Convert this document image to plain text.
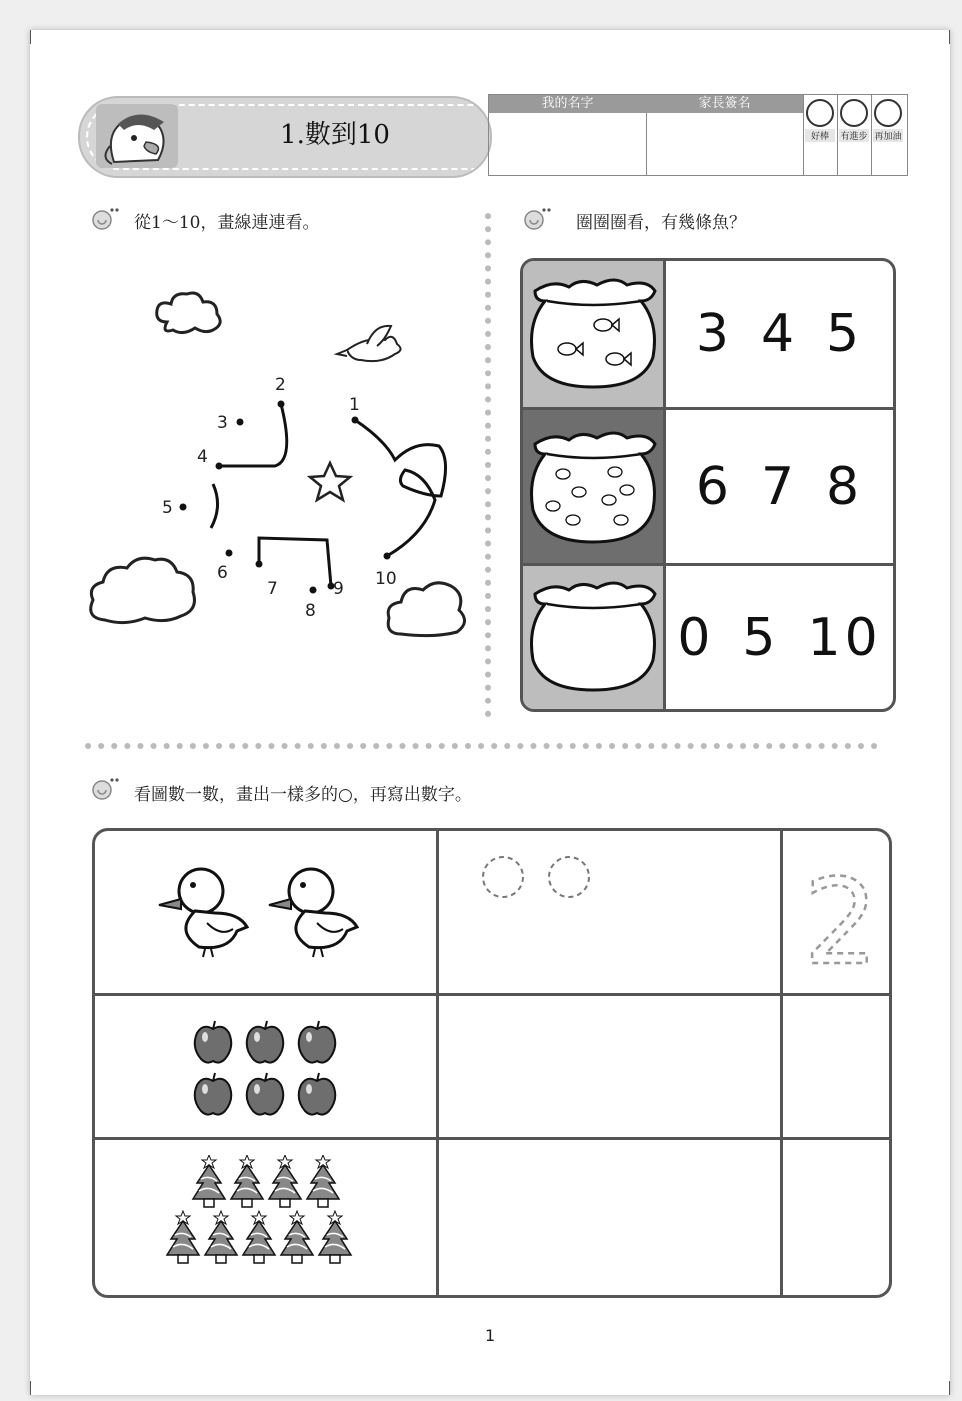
1.數到10
我的名字	家長簽名
好棒	有進步 再加油
從1～10，畫線連連看。
1
2
3
4
5
6
7
8
9 10
圈圈圈看，有幾條魚？
3 4 5
6 7 8
0 5 10
看圖數一數，畫出一樣多的○，再寫出數字。
2
1
